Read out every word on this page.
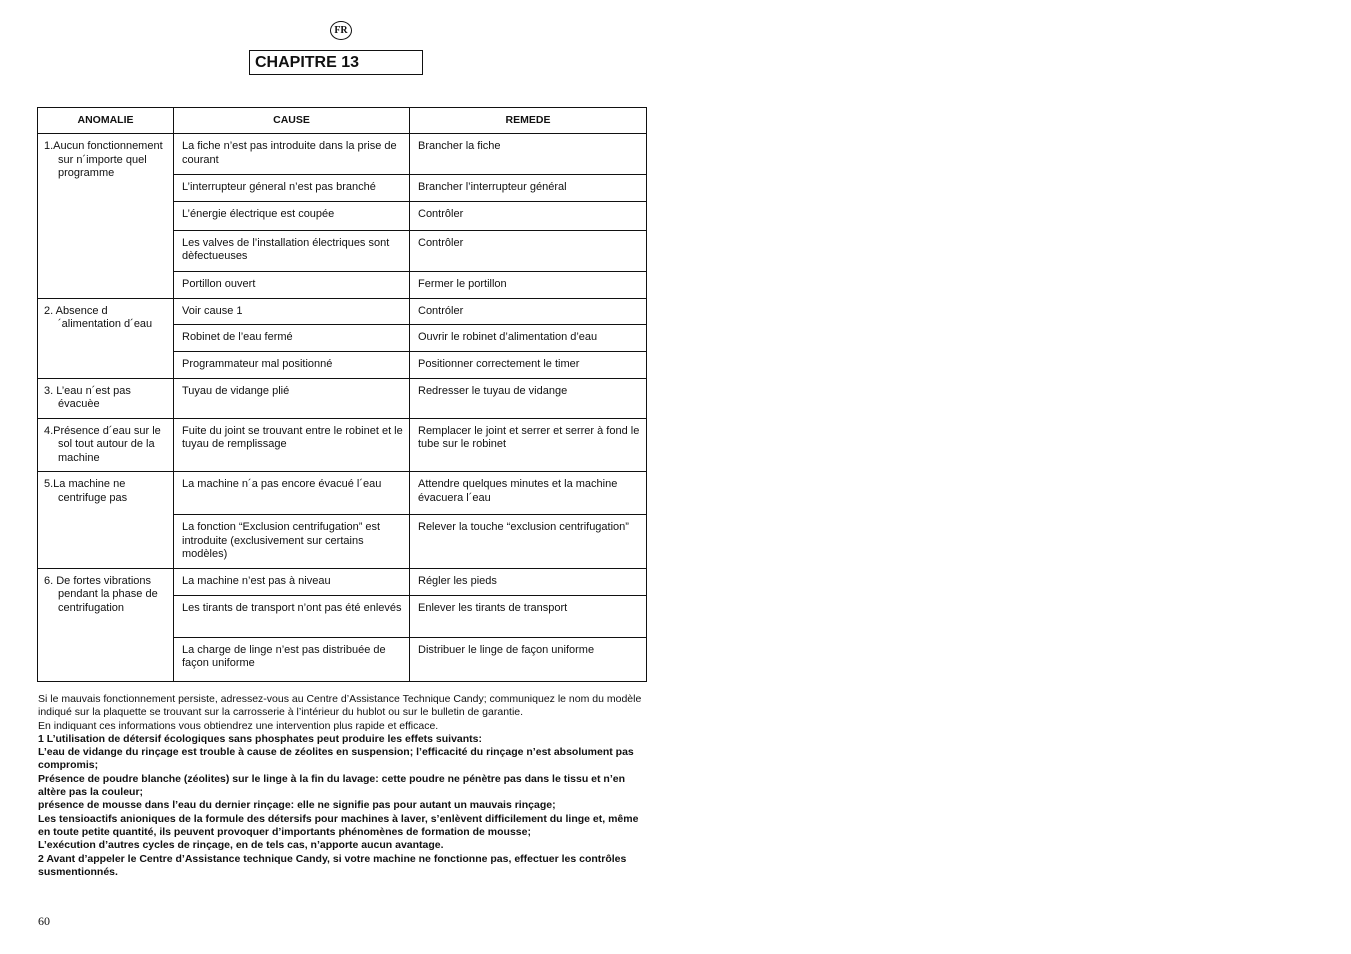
FR
CHAPITRE 13
ANOMALIE	CAUSE	REMEDE

1.Aucun fonctionnement sur n´importe quel programme	La fiche n’est pas introduite dans la prise de courant	Brancher la fiche
	L’interrupteur géneral n’est pas branché	Brancher l’interrupteur général
	L’énergie électrique est coupée	Contrôler
	Les valves de l’installation électriques sont dèfectueuses	Contrôler
	Portillon ouvert	Fermer le portillon

2. Absence d´alimentation d´eau	Voir cause 1	Contróler
	Robinet de l’eau fermé	Ouvrir le robinet d’alimentation d’eau
	Programmateur mal positionné	Positionner correctement le timer

3. L’eau n´est pas évacuèe	Tuyau de vidange plié	Redresser le tuyau de vidange

4.Présence d´eau sur le sol tout autour de la machine	Fuite du joint se trouvant entre le robinet et le tuyau de remplissage	Remplacer le joint et serrer et serrer à fond le tube sur le robinet

5.La machine ne centrifuge pas	La machine n´a pas encore évacué l´eau	Attendre quelques minutes et la machine évacuera l´eau
	La fonction “Exclusion centrifugation” est introduite (exclusivement sur certains modèles)	Relever la touche “exclusion centrifugation”

6. De fortes vibrations pendant la phase de centrifugation	La machine n’est pas à niveau	Régler les pieds
	Les tirants de transport n’ont pas été enlevés	Enlever les tirants de transport
	La charge de linge n’est pas distribuée de façon uniforme	Distribuer le linge de façon uniforme

Si le mauvais fonctionnement persiste, adressez-vous au Centre d’Assistance Technique Candy; communiquez le nom du modèle indiqué sur la plaquette se trouvant sur la carrosserie à l’intérieur du hublot ou sur le bulletin de garantie.

En indiquant ces informations vous obtiendrez une intervention plus rapide et efficace.

1 L’utilisation de détersif écologiques sans phosphates peut produire les effets suivants:

L’eau de vidange du rinçage est trouble à cause de zéolites en suspension; l’efficacité du rinçage n’est absolument pas compromis;

Présence de poudre blanche (zéolites) sur le linge à la fin du lavage: cette poudre ne pénètre pas dans le tissu et n’en altère pas la couleur;

présence de mousse dans l’eau du dernier rinçage: elle ne signifie pas pour autant un mauvais rinçage;

Les tensioactifs anioniques de la formule des détersifs pour machines à laver, s’enlèvent difficilement du linge et, même en toute petite quantité, ils peuvent provoquer d’importants phénomènes de formation de mousse;

L’exécution d’autres cycles de rinçage, en de tels cas, n’apporte aucun avantage.

2 Avant d’appeler le Centre d’Assistance technique Candy, si votre machine ne fonctionne pas, effectuer les contrôles susmentionnés.

60
